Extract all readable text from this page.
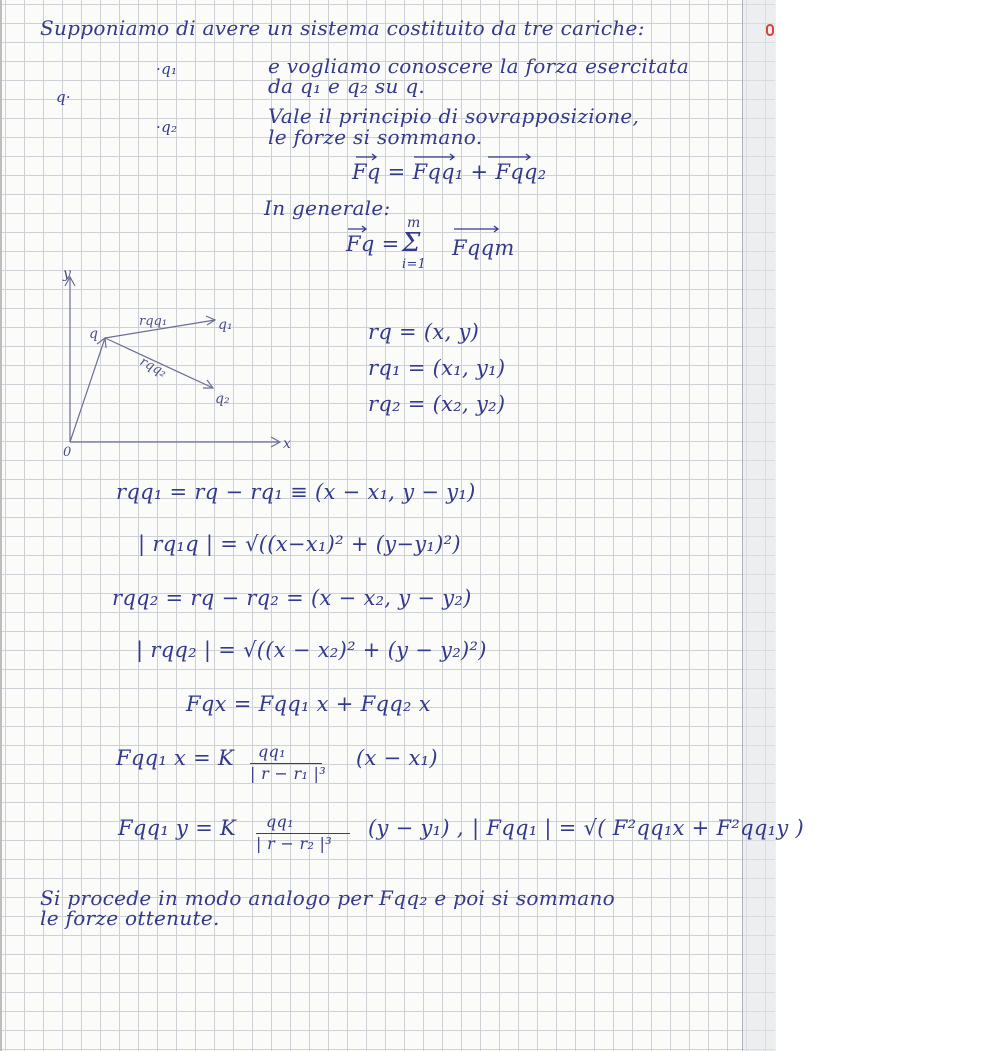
Supponiamo di avere un sistema costituito da tre cariche:
·q₁
q·
·q₂
e vogliamo conoscere la forza esercitata
da q₁ e q₂ su q.
Vale il principio di sovrapposizione,
le forze si sommano.
Fq = Fqq₁ + Fqq₂
In generale:
Fq =
m
Σ
i=1
Fqqm
y
x
0
q
q₁
q₂
rqq₁
rqq₂
rq = (x, y)
rq₁ = (x₁, y₁)
rq₂ = (x₂, y₂)
rqq₁ = rq − rq₁ ≡ (x − x₁, y − y₁)
| rq₁q | = √((x−x₁)² + (y−y₁)²)
rqq₂ = rq − rq₂ = (x − x₂, y − y₂)
| rqq₂ | = √((x − x₂)² + (y − y₂)²)
Fqx = Fqq₁ x + Fqq₂ x
Fqq₁ x = K qq₁
| r − r₁ |³
(x − x₁)
Fqq₁ y = K qq₁
| r − r₂ |³
(y − y₁) , | Fqq₁ | = √( F²qq₁x + F²qq₁y )
Si procede in modo analogo per Fqq₂ e poi si sommano
le forze ottenute.
